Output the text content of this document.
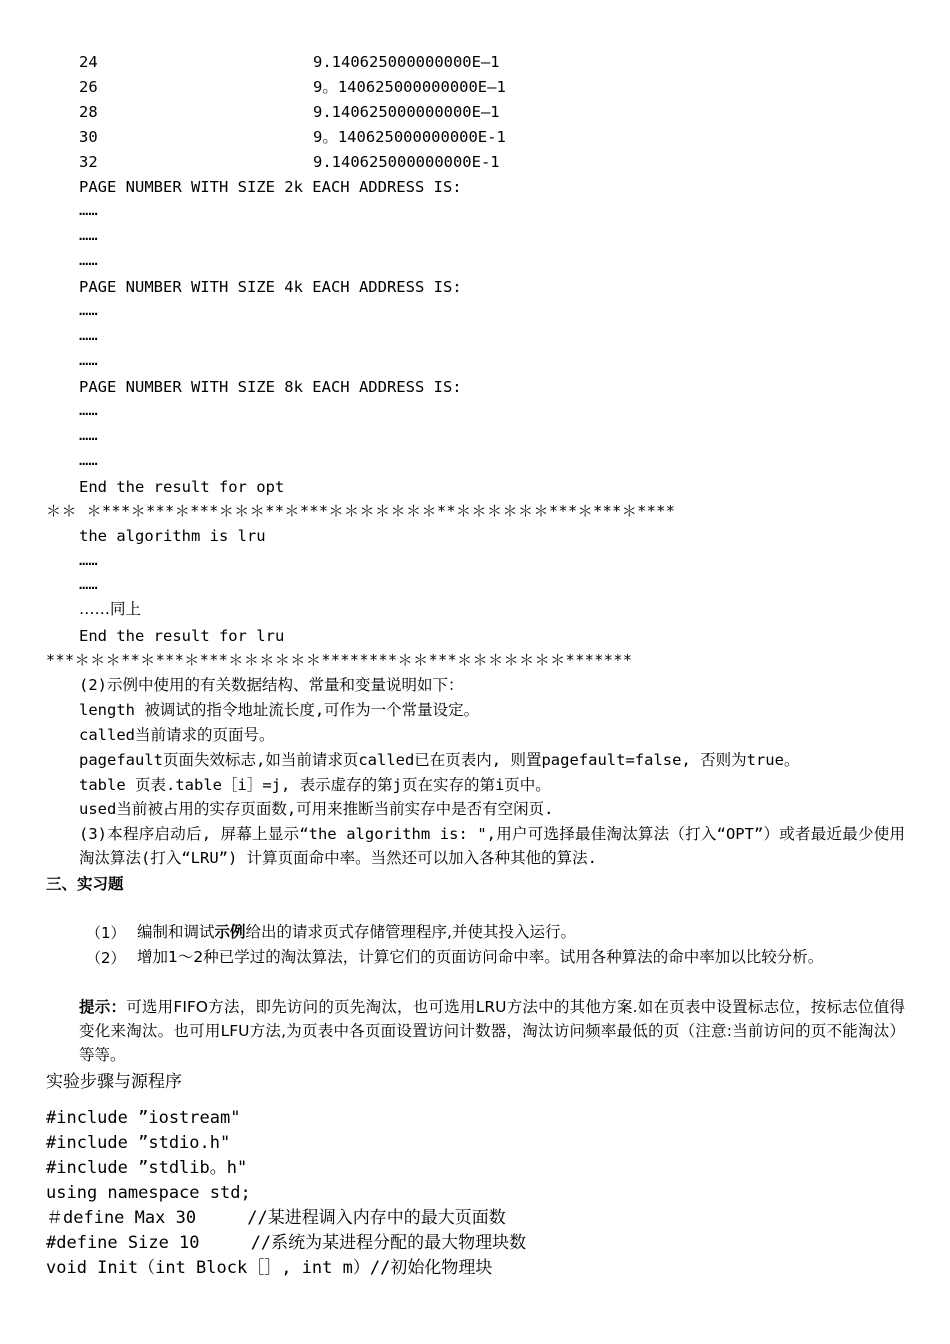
24	9.140625000000000E—1
26	9。140625000000000E—1
28	9.140625000000000E—1
30	9。140625000000000E-1
32	9.140625000000000E-1
PAGE NUMBER WITH SIZE 2k EACH ADDRESS IS:
……
……
……
PAGE NUMBER WITH SIZE 4k EACH ADDRESS IS:
……
……
……
PAGE NUMBER WITH SIZE 8k EACH ADDRESS IS:
……
……
……
End the result for opt
＊＊ ＊***＊***＊***＊＊＊**＊***＊＊＊＊＊＊＊**＊＊＊＊＊＊***＊***＊****
the algorithm is lru
……
……
……同上
End the result for lru
***＊＊＊**＊***＊***＊＊＊＊＊＊********＊＊***＊＊＊＊＊＊＊*******
(2)示例中使用的有关数据结构、常量和变量说明如下：
length 被调试的指令地址流长度,可作为一个常量设定。
called当前请求的页面号。
pagefault页面失效标志,如当前请求页called已在页表内, 则置pagefault=false, 否则为true。
table 页表.table［i］=j, 表示虚存的第j页在实存的第i页中。
used当前被占用的实存页面数,可用来推断当前实存中是否有空闲页.
(3)本程序启动后, 屏幕上显示“the algorithm is: ",用户可选择最佳淘汰算法（打入“OPT”）或者最近最少使用淘汰算法(打入“LRU”) 计算页面命中率。当然还可以加入各种其他的算法.
三、实习题
（1） 编制和调试示例给出的请求页式存储管理程序,并使其投入运行。
（2） 增加1～2种已学过的淘汰算法，计算它们的页面访问命中率。试用各种算法的命中率加以比较分析。
提示：可选用FIFO方法，即先访问的页先淘汰，也可选用LRU方法中的其他方案.如在页表中设置标志位，按标志位值得变化来淘汰。也可用LFU方法,为页表中各页面设置访问计数器，淘汰访问频率最低的页（注意:当前访问的页不能淘汰）等等。
实验步骤与源程序
#include ”iostream"
#include ”stdio.h"
#include ”stdlib。h"
using namespace std;
＃define Max 30     //某进程调入内存中的最大页面数
#define Size 10     //系统为某进程分配的最大物理块数
void Init（int Block［］, int m）//初始化物理块
